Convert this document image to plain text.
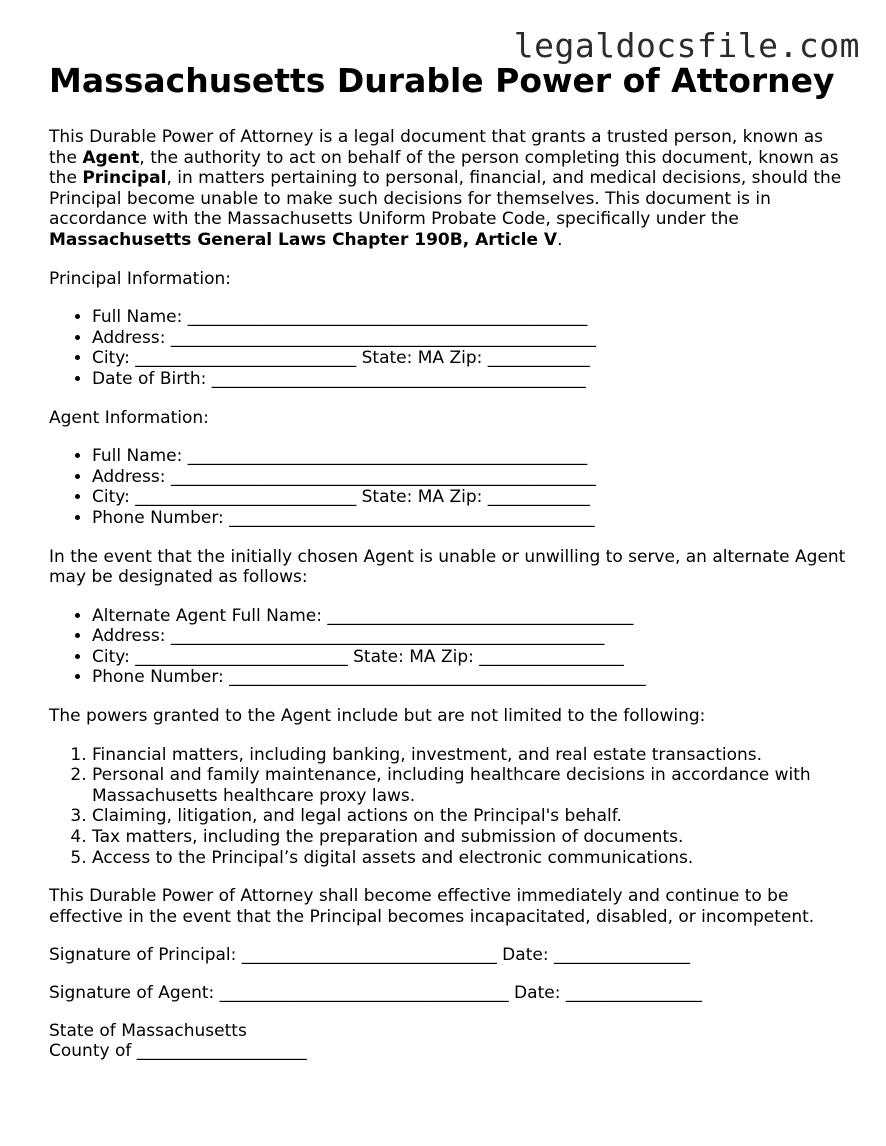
legaldocsfile.com
Massachusetts Durable Power of Attorney

This Durable Power of Attorney is a legal document that grants a trusted person, known as the Agent, the authority to act on behalf of the person completing this document, known as the Principal, in matters pertaining to personal, financial, and medical decisions, should the Principal become unable to make such decisions for themselves. This document is in accordance with the Massachusetts Uniform Probate Code, specifically under the Massachusetts General Laws Chapter 190B, Article V.

Principal Information:

• Full Name: _______________________________________________
• Address: __________________________________________________
• City: __________________________ State: MA Zip: ____________
• Date of Birth: ____________________________________________

Agent Information:

• Full Name: _______________________________________________
• Address: __________________________________________________
• City: __________________________ State: MA Zip: ____________
• Phone Number: ___________________________________________

In the event that the initially chosen Agent is unable or unwilling to serve, an alternate Agent may be designated as follows:

• Alternate Agent Full Name: ____________________________________
• Address: ___________________________________________________
• City: _________________________ State: MA Zip: _________________
• Phone Number: _________________________________________________

The powers granted to the Agent include but are not limited to the following:

1. Financial matters, including banking, investment, and real estate transactions.
2. Personal and family maintenance, including healthcare decisions in accordance with Massachusetts healthcare proxy laws.
3. Claiming, litigation, and legal actions on the Principal's behalf.
4. Tax matters, including the preparation and submission of documents.
5. Access to the Principal’s digital assets and electronic communications.

This Durable Power of Attorney shall become effective immediately and continue to be effective in the event that the Principal becomes incapacitated, disabled, or incompetent.

Signature of Principal: ______________________________ Date: ________________

Signature of Agent: __________________________________ Date: ________________

State of Massachusetts

County of ____________________
